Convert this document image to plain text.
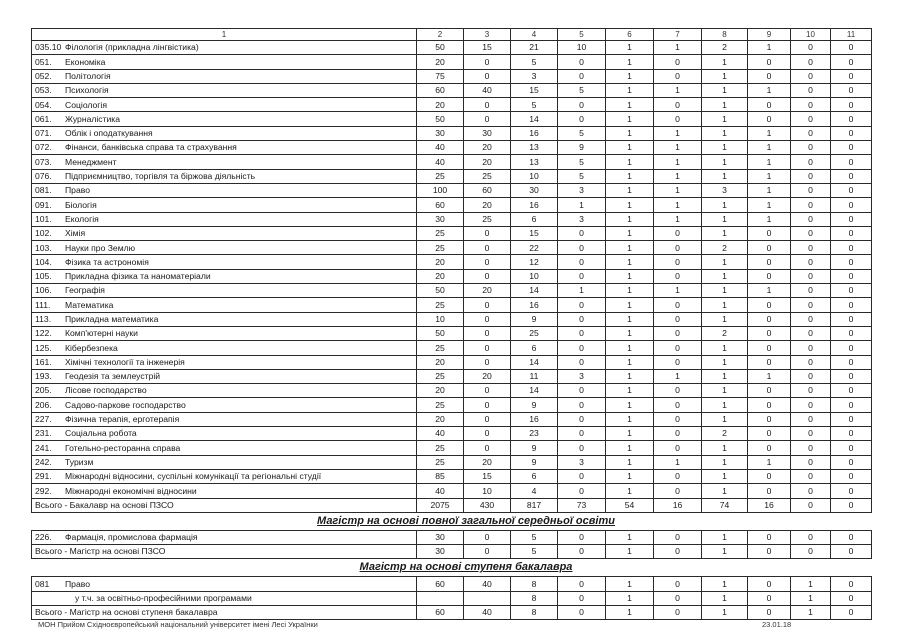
1	2	3	4	5	6	7	8	9	10	11
035.10 Філологія (прикладна лінгвістика)	50	15	21	10	1	1	2	1	0	0
051. Економіка	20	0	5	0	1	0	1	0	0	0
052. Політологія	75	0	3	0	1	0	1	0	0	0
053. Психологія	60	40	15	5	1	1	1	1	0	0
054. Соціологія	20	0	5	0	1	0	1	0	0	0
061. Журналістика	50	0	14	0	1	0	1	0	0	0
071. Облік і оподаткування	30	30	16	5	1	1	1	1	0	0
072. Фінанси, банківська справа та страхування	40	20	13	9	1	1	1	1	0	0
073. Менеджмент	40	20	13	5	1	1	1	1	0	0
076. Підприємництво, торгівля та біржова діяльність	25	25	10	5	1	1	1	1	0	0
081. Право	100	60	30	3	1	1	3	1	0	0
091. Біологія	60	20	16	1	1	1	1	1	0	0
101. Екологія	30	25	6	3	1	1	1	1	0	0
102. Хімія	25	0	15	0	1	0	1	0	0	0
103. Науки про Землю	25	0	22	0	1	0	2	0	0	0
104. Фізика та астрономія	20	0	12	0	1	0	1	0	0	0
105. Прикладна фізика та наноматеріали	20	0	10	0	1	0	1	0	0	0
106. Географія	50	20	14	1	1	1	1	1	0	0
111. Математика	25	0	16	0	1	0	1	0	0	0
113. Прикладна математика	10	0	9	0	1	0	1	0	0	0
122. Комп'ютерні науки	50	0	25	0	1	0	2	0	0	0
125. Кібербезпека	25	0	6	0	1	0	1	0	0	0
161. Хімічні технології та інженерія	20	0	14	0	1	0	1	0	0	0
193. Геодезія та землеустрій	25	20	11	3	1	1	1	1	0	0
205. Лісове господарство	20	0	14	0	1	0	1	0	0	0
206. Садово-паркове господарство	25	0	9	0	1	0	1	0	0	0
227. Фізична терапія, ерготерапія	20	0	16	0	1	0	1	0	0	0
231. Соціальна робота	40	0	23	0	1	0	2	0	0	0
241. Готельно-ресторанна справа	25	0	9	0	1	0	1	0	0	0
242. Туризм	25	20	9	3	1	1	1	1	0	0
291. Міжнародні відносини, суспільні комунікації та регіональні студії	85	15	6	0	1	0	1	0	0	0
292. Міжнародні економічні відносини	40	10	4	0	1	0	1	0	0	0
Всього - Бакалавр на основі ПЗСО	2075	430	817	73	54	16	74	16	0	0
Магістр на основі повної загальної середньої освіти
226. Фармація, промислова фармація	30	0	5	0	1	0	1	0	0	0
Всього - Магістр на основі ПЗСО	30	0	5	0	1	0	1	0	0	0
Магістр на основі ступеня бакалавра
081 Право	60	40	8	0	1	0	1	0	1	0
у т.ч. за освітньо-професійними програмами			8	0	1	0	1	0	1	0
Всього - Магістр на основі ступеня бакалавра	60	40	8	0	1	0	1	0	1	0
МОН Прийом Східноєвропейський національний університет імені Лесі Українки	23.01.18
